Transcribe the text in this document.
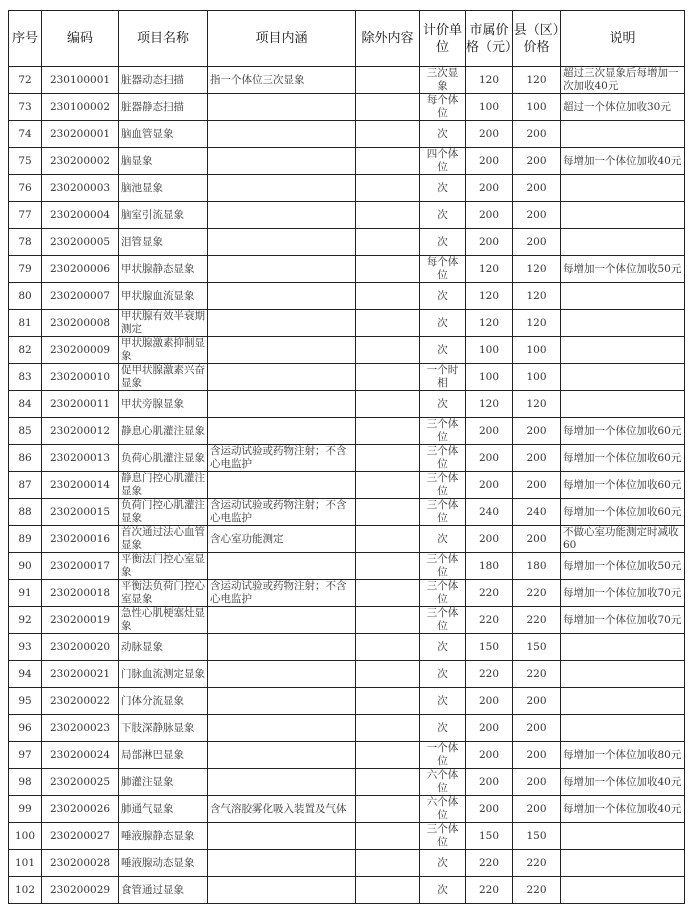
序号	编码	项目名称	项目内涵	除外内容	计价单位	市属价格（元）	县（区）价格	说明

72	230100001	脏器动态扫描	指一个体位三次显象		三次显象	120	120	超过三次显象后每增加一次加收40元

73	230100002	脏器静态扫描			每个体位	100	100	超过一个体位加收30元

74	230200001	脑血管显象			次	200	200	

75	230200002	脑显象			四个体位	200	200	每增加一个体位加收40元

76	230200003	脑池显象			次	200	200	

77	230200004	脑室引流显象			次	200	200	

78	230200005	泪管显象			次	200	200	

79	230200006	甲状腺静态显象			每个体位	120	120	每增加一个体位加收50元

80	230200007	甲状腺血流显象			次	120	120	

81	230200008	甲状腺有效半衰期测定			次	120	120	

82	230200009	甲状腺激素抑制显象			次	100	100	

83	230200010	促甲状腺激素兴奋显象			一个时相	100	100	

84	230200011	甲状旁腺显象			次	120	120	

85	230200012	静息心肌灌注显象			三个体位	200	200	每增加一个体位加收60元

86	230200013	负荷心肌灌注显象	含运动试验或药物注射；不含心电监护		三个体位	200	200	每增加一个体位加收60元

87	230200014	静息门控心肌灌注显象			三个体位	200	200	每增加一个体位加收60元

88	230200015	负荷门控心肌灌注显象	含运动试验或药物注射；不含心电监护		三个体位	240	240	每增加一个体位加收60元

89	230200016	首次通过法心血管显象	含心室功能测定		次	200	200	不做心室功能测定时减收60

90	230200017	平衡法门控心室显象			三个体位	180	180	每增加一个体位加收50元

91	230200018	平衡法负荷门控心室显象	含运动试验或药物注射；不含心电监护		三个体位	220	220	每增加一个体位加收70元

92	230200019	急性心肌梗塞灶显象			三个体位	220	220	每增加一个体位加收70元

93	230200020	动脉显象			次	150	150	

94	230200021	门脉血流测定显象			次	220	220	

95	230200022	门体分流显象			次	200	200	

96	230200023	下肢深静脉显象			次	200	200	

97	230200024	局部淋巴显象			一个体位	200	200	每增加一个体位加收80元

98	230200025	肺灌注显象			六个体位	200	200	每增加一个体位加收40元

99	230200026	肺通气显象	含气溶胶雾化吸入装置及气体		六个体位	200	200	每增加一个体位加收40元

100	230200027	唾液腺静态显象			三个体位	150	150	

101	230200028	唾液腺动态显象			次	220	220	

102	230200029	食管通过显象			次	220	220	
